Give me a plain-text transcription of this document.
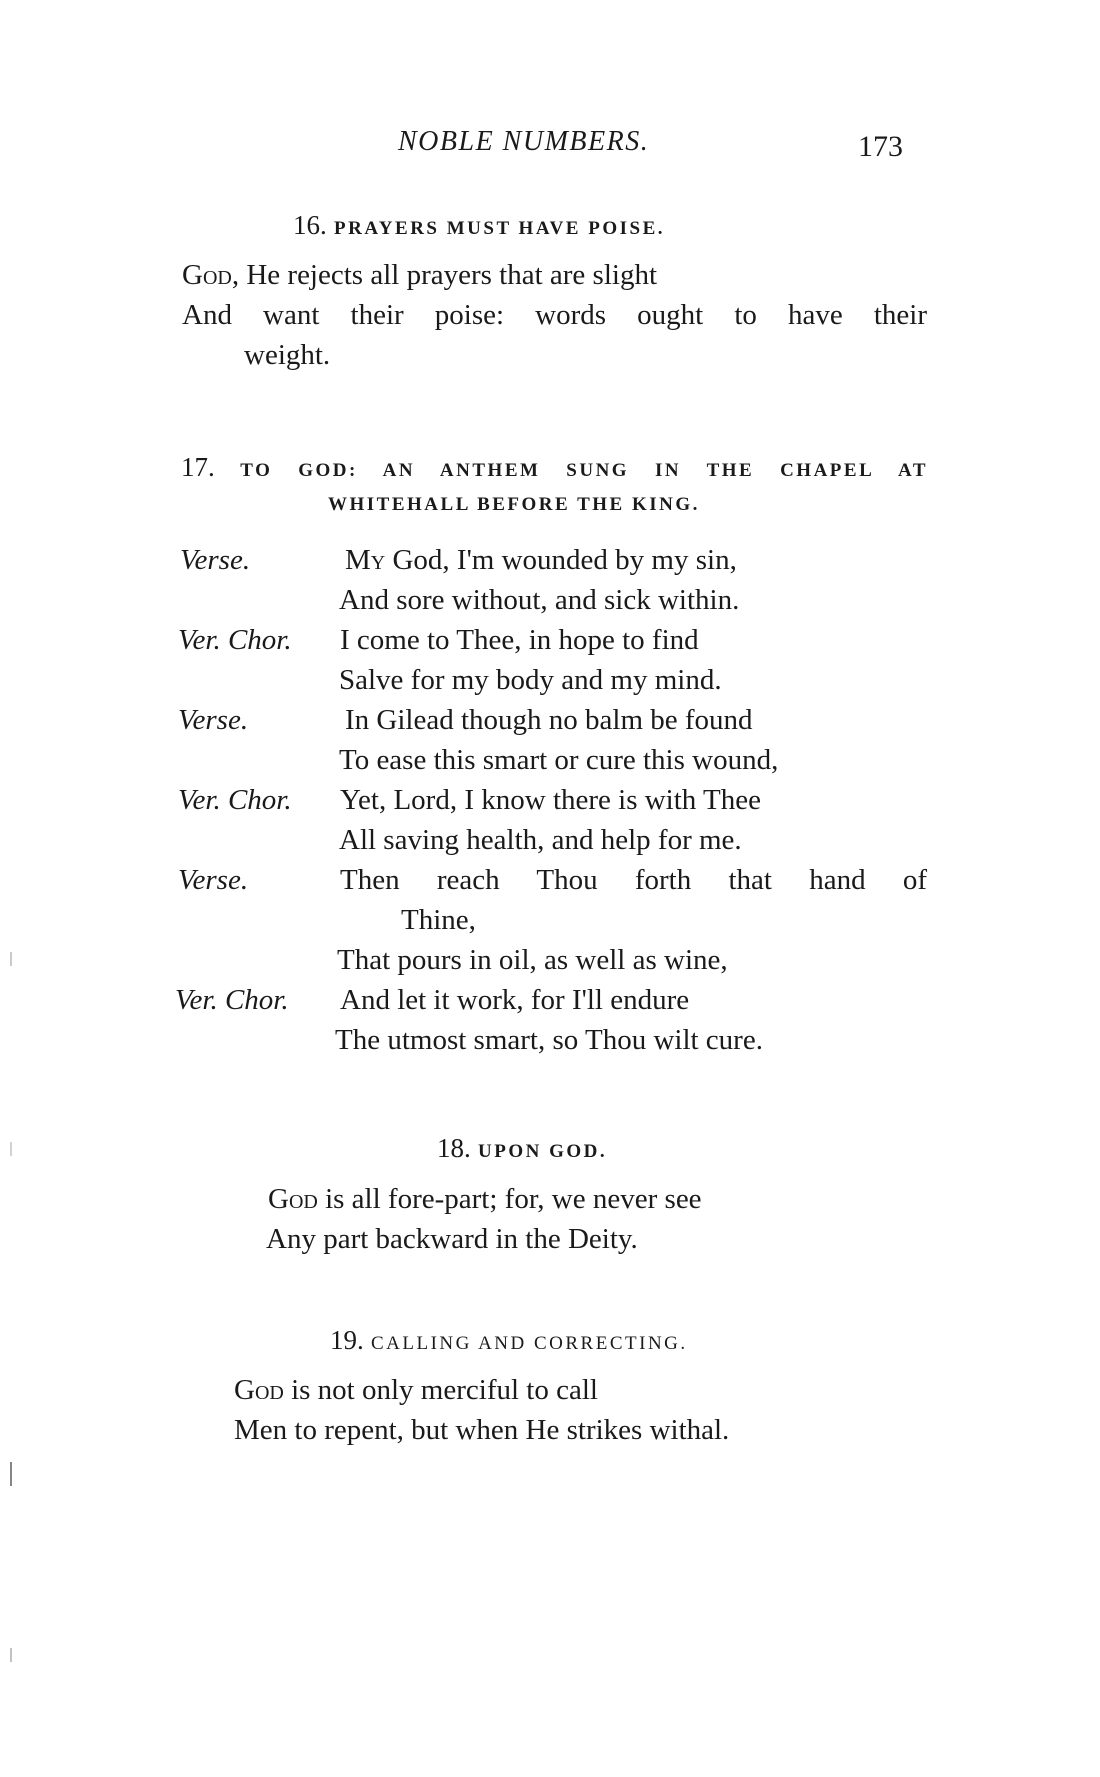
NOBLE NUMBERS.	173
16. PRAYERS MUST HAVE POISE.
God, He rejects all prayers that are slight
And want their poise: words ought to have their
weight.
17. TO GOD: AN ANTHEM SUNG IN THE CHAPEL AT
WHITEHALL BEFORE THE KING.
Verse.	My God, I'm wounded by my sin,
And sore without, and sick within.
Ver. Chor. I come to Thee, in hope to find
Salve for my body and my mind.
Verse.	In Gilead though no balm be found
To ease this smart or cure this wound,
Ver. Chor. Yet, Lord, I know there is with Thee
All saving health, and help for me.
Verse.	Then reach Thou forth that hand of
Thine,
That pours in oil, as well as wine,
Ver. Chor. And let it work, for I'll endure
The utmost smart, so Thou wilt cure.
18. UPON GOD.
God is all fore-part; for, we never see
Any part backward in the Deity.
19. CALLING AND CORRECTING.
God is not only merciful to call
Men to repent, but when He strikes withal.
